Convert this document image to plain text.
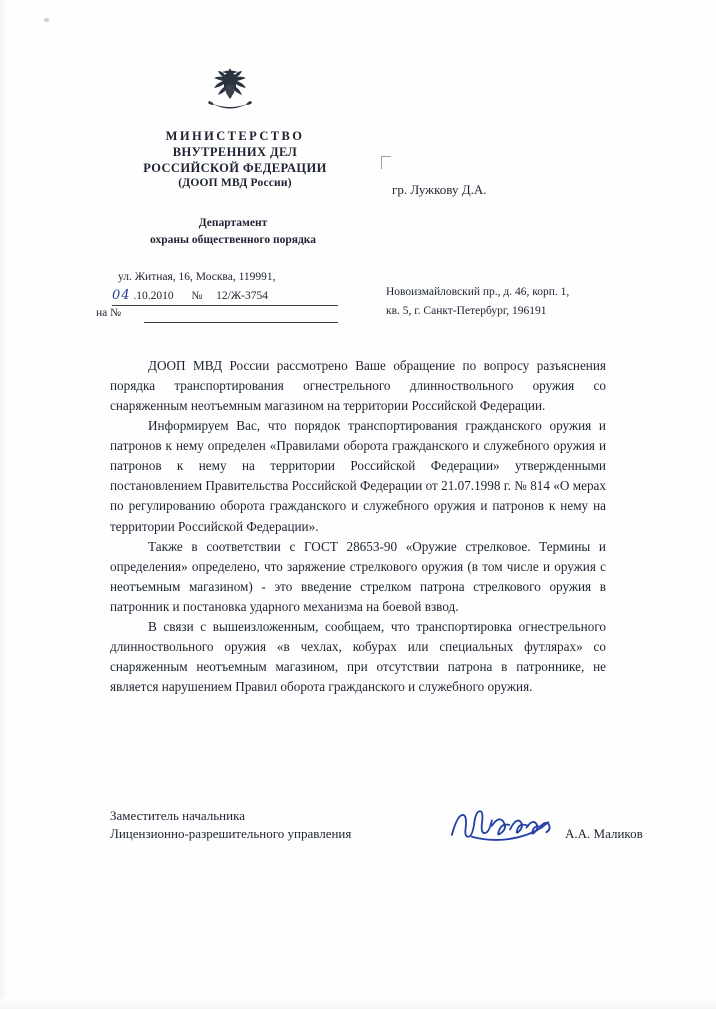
МИНИСТЕРСТВО
ВНУТРЕННИХ ДЕЛ
РОССИЙСКОЙ ФЕДЕРАЦИИ
(ДООП МВД России)
Департамент
охраны общественного порядка
ул. Житная, 16, Москва, 119991,
04 .10.2010 № 12/Ж-3754
на №
гр. Лужкову Д.А.
Новоизмайловский пр., д. 46, корп. 1,
кв. 5, г. Санкт-Петербург, 196191

ДООП МВД России рассмотрено Ваше обращение по вопросу разъяснения порядка транспортирования огнестрельного длинноствольного оружия со снаряженным неотъемным магазином на территории Российской Федерации.

Информируем Вас, что порядок транспортирования гражданского оружия и патронов к нему определен «Правилами оборота гражданского и служебного оружия и патронов к нему на территории Российской Федерации» утвержденными постановлением Правительства Российской Федерации от 21.07.1998 г. № 814 «О мерах по регулированию оборота гражданского и служебного оружия и патронов к нему на территории Российской Федерации».

Также в соответствии с ГОСТ 28653-90 «Оружие стрелковое. Термины и определения» определено, что заряжение стрелкового оружия (в том числе и оружия с неотъемным магазином) - это введение стрелком патрона стрелкового оружия в патронник и постановка ударного механизма на боевой взвод.

В связи с вышеизложенным, сообщаем, что транспортировка огнестрельного длинноствольного оружия «в чехлах, кобурах или специальных футлярах» со снаряженным неотъемным магазином, при отсутствии патрона в патроннике, не является нарушением Правил оборота гражданского и служебного оружия.

Заместитель начальника
Лицензионно-разрешительного управления	А.А. Маликов
